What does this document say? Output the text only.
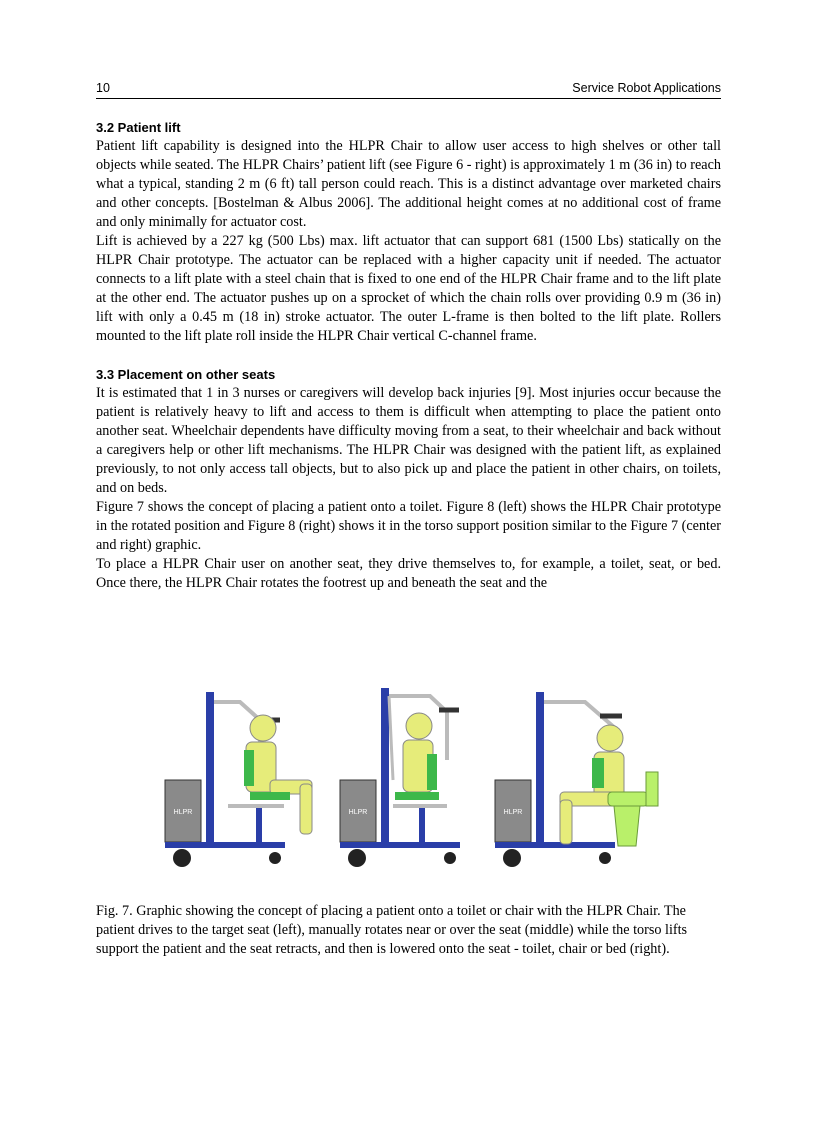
10	Service Robot Applications
3.2 Patient lift

Patient lift capability is designed into the HLPR Chair to allow user access to high shelves or other tall objects while seated. The HLPR Chairs’ patient lift (see Figure 6 - right) is approximately 1 m (36 in) to reach what a typical, standing 2 m (6 ft) tall person could reach. This is a distinct advantage over marketed chairs and other concepts. [Bostelman & Albus 2006]. The additional height comes at no additional cost of frame and only minimally for actuator cost.

Lift is achieved by a 227 kg (500 Lbs) max. lift actuator that can support 681 (1500 Lbs) statically on the HLPR Chair prototype. The actuator can be replaced with a higher capacity unit if needed. The actuator connects to a lift plate with a steel chain that is fixed to one end of the HLPR Chair frame and to the lift plate at the other end. The actuator pushes up on a sprocket of which the chain rolls over providing 0.9 m (36 in) lift with only a 0.45 m (18 in) stroke actuator. The outer L-frame is then bolted to the lift plate. Rollers mounted to the lift plate roll inside the HLPR Chair vertical C-channel frame.

3.3 Placement on other seats

It is estimated that 1 in 3 nurses or caregivers will develop back injuries [9]. Most injuries occur because the patient is relatively heavy to lift and access to them is difficult when attempting to place the patient onto another seat. Wheelchair dependents have difficulty moving from a seat, to their wheelchair and back without a caregivers help or other lift mechanisms. The HLPR Chair was designed with the patient lift, as explained previously, to not only access tall objects, but to also pick up and place the patient in other chairs, on toilets, and on beds.

Figure 7 shows the concept of placing a patient onto a toilet. Figure 8 (left) shows the HLPR Chair prototype in the rotated position and Figure 8 (right) shows it in the torso support position similar to the Figure 7 (center and right) graphic.

To place a HLPR Chair user on another seat, they drive themselves to, for example, a toilet, seat, or bed. Once there, the HLPR Chair rotates the footrest up and beneath the seat and the

HLPR	HLPR	HLPR
Fig. 7. Graphic showing the concept of placing a patient onto a toilet or chair with the HLPR Chair. The patient drives to the target seat (left), manually rotates near or over the seat (middle) while the torso lifts support the patient and the seat retracts, and then is lowered onto the seat - toilet, chair or bed (right).
